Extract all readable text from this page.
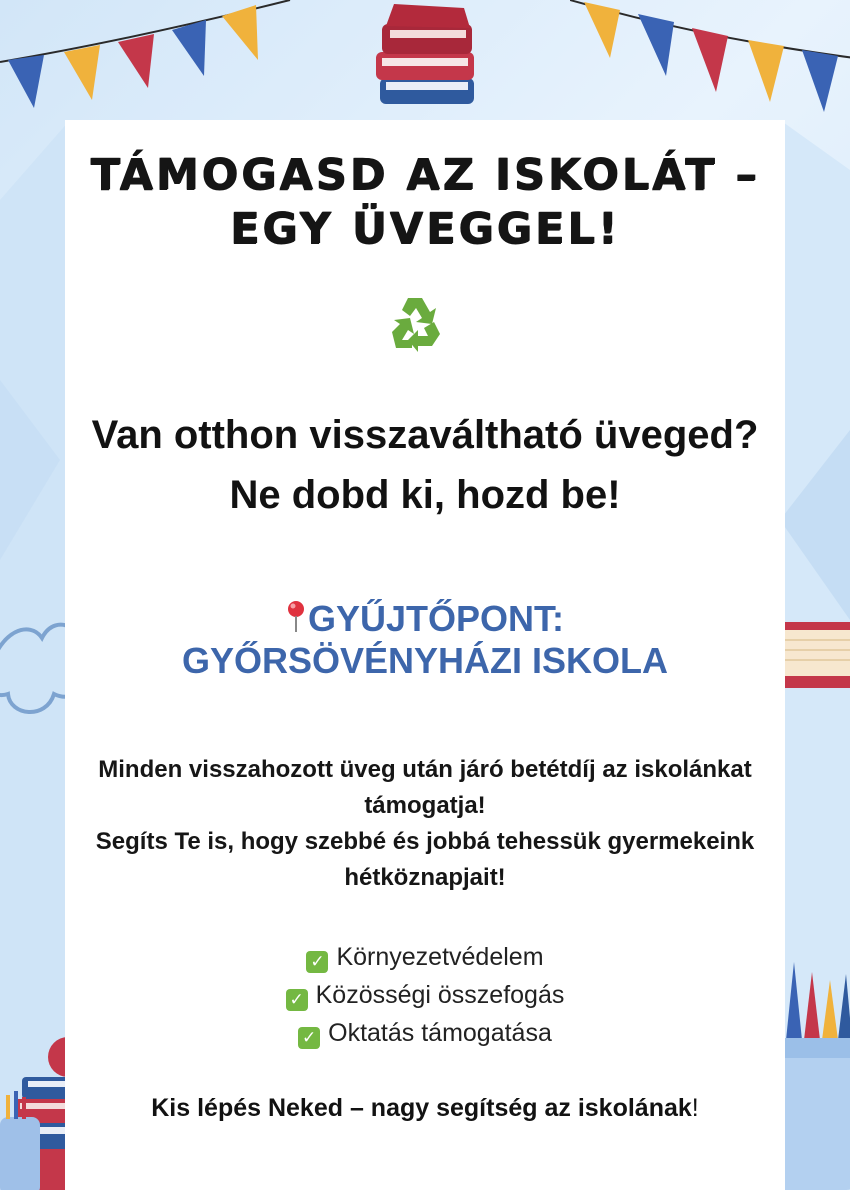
TÁMOGASD AZ ISKOLÁT – EGY ÜVEGGEL!
Van otthon visszaváltható üveged?
Ne dobd ki, hozd be!
GYŰJTŐPONT:
GYŐRSÖVÉNYHÁZI ISKOLA
Minden visszahozott üveg után járó betétdíj az iskolánkat
támogatja!
Segíts Te is, hogy szebbé és jobbá tehessük gyermekeink
hétköznapjait!
✓ Környezetvédelem
✓ Közösségi összefogás
✓ Oktatás támogatása
Kis lépés Neked – nagy segítség az iskolának!
